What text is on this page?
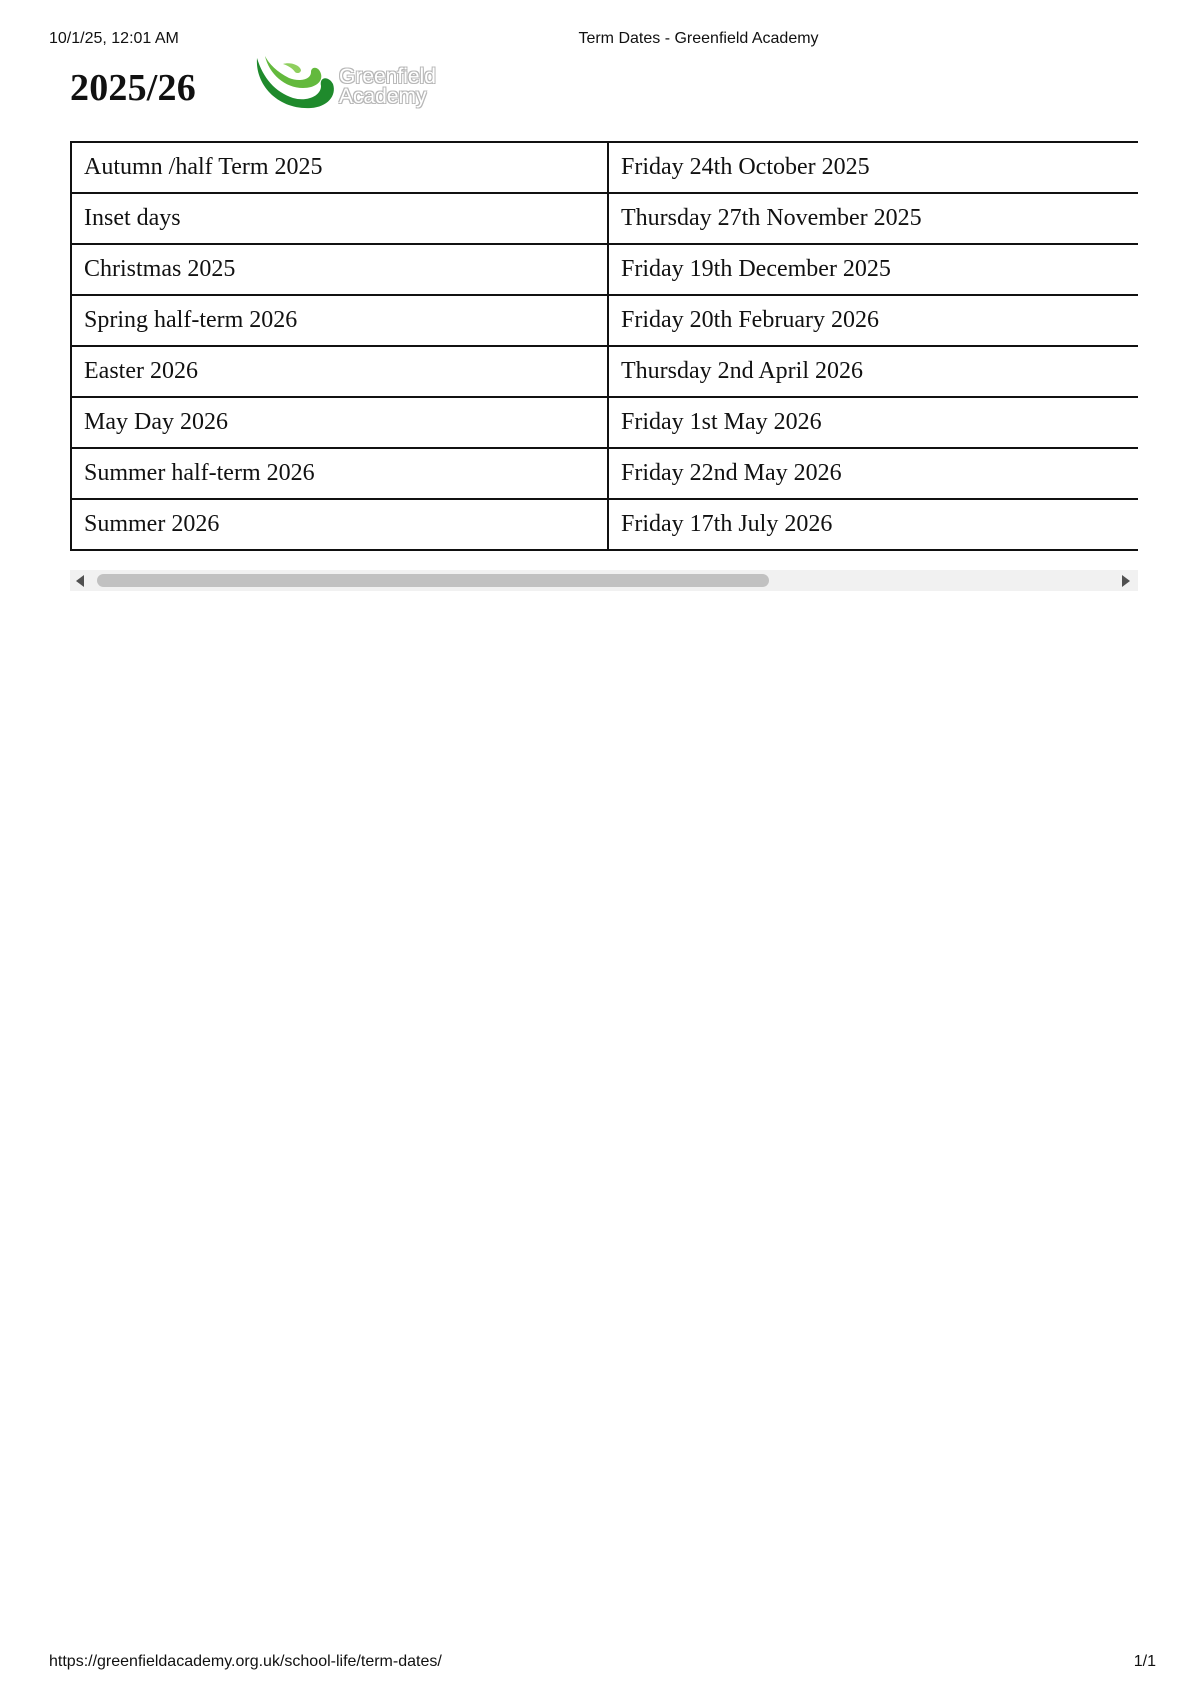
10/1/25, 12:01 AM	Term Dates - Greenfield Academy
2025/26	Greenfield
Academy
Autumn /half Term 2025	Friday 24th October 2025
Inset days	Thursday 27th November 2025
Christmas 2025	Friday 19th December 2025
Spring half-term 2026	Friday 20th February 2026
Easter 2026	Thursday 2nd April 2026
May Day 2026	Friday 1st May 2026
Summer half-term 2026	Friday 22nd May 2026
Summer 2026	Friday 17th July 2026
https://greenfieldacademy.org.uk/school-life/term-dates/	1/1
